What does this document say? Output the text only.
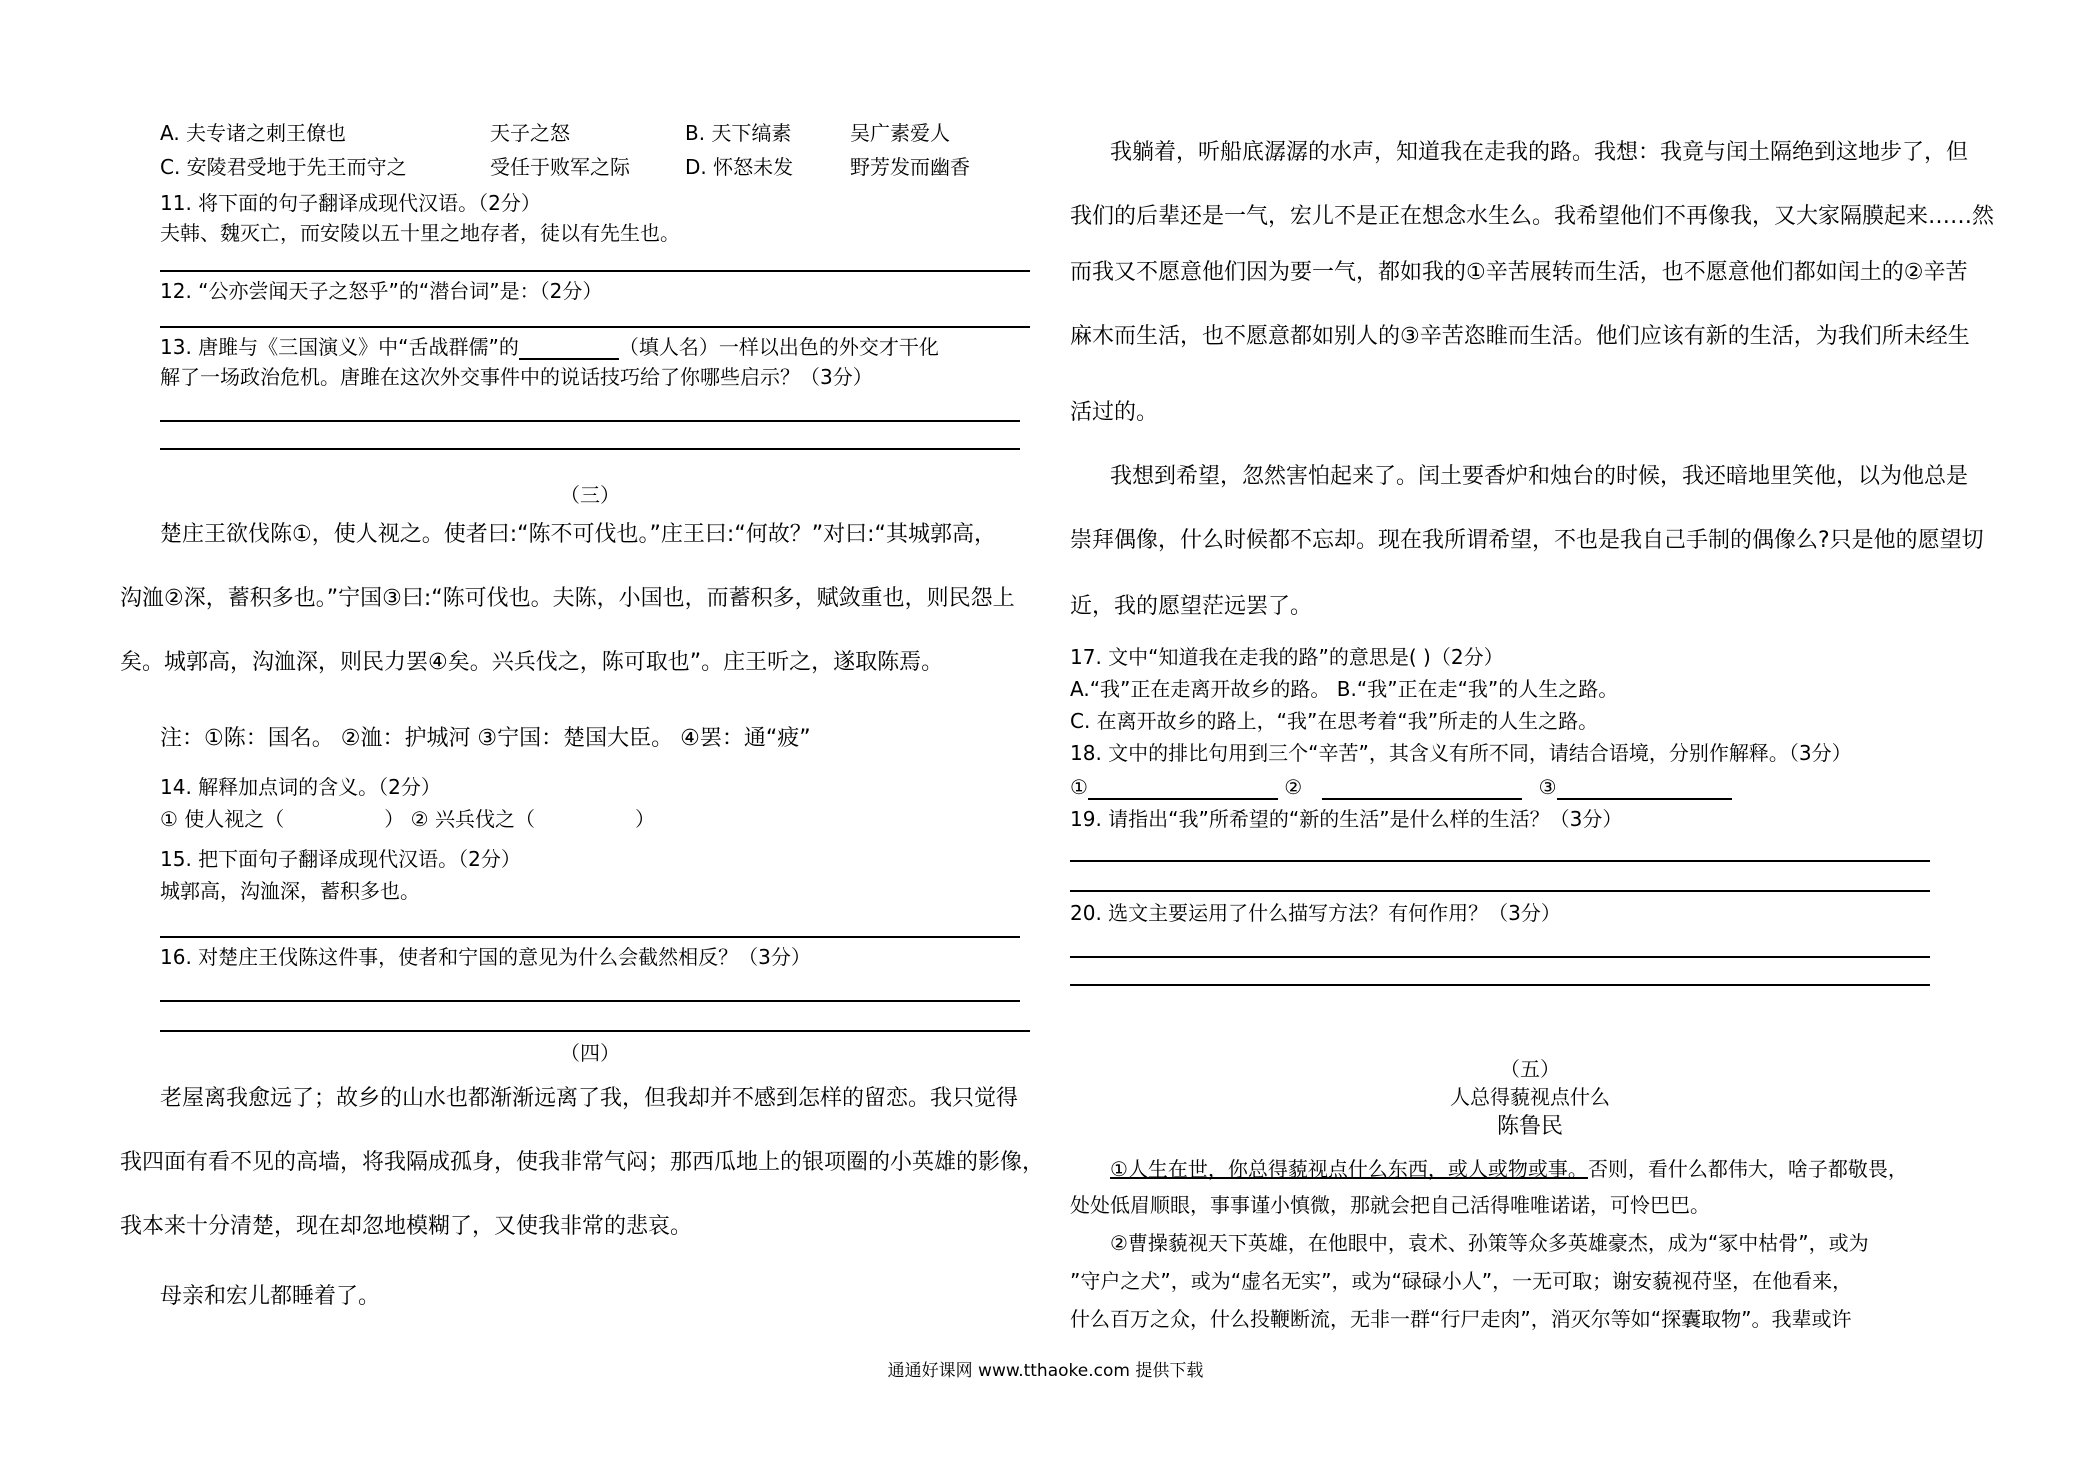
A. 夫专诸之刺王僚也	天子之怒	B. 天下缟素	吴广素爱人
C. 安陵君受地于先王而守之	受任于败军之际	D. 怀怒未发	野芳发而幽香
11. 将下面的句子翻译成现代汉语。（2分）
夫韩、魏灭亡，而安陵以五十里之地存者，徒以有先生也。
12. “公亦尝闻天子之怒乎”的“潜台词”是：（2分）
13. 唐雎与《三国演义》中“舌战群儒”的	（填人名）一样以出色的外交才干化
解了一场政治危机。唐雎在这次外交事件中的说话技巧给了你哪些启示？（3分）
（三）
楚庄王欲伐陈①，使人视之。使者曰:“陈不可伐也。”庄王曰:“何故？”对曰:“其城郭高，
沟洫②深，蓄积多也。”宁国③曰:“陈可伐也。夫陈，小国也，而蓄积多，赋敛重也，则民怨上
矣。城郭高，沟洫深，则民力罢④矣。兴兵伐之，陈可取也”。庄王听之，遂取陈焉。
注：①陈：国名。 ②洫：护城河 ③宁国：楚国大臣。 ④罢：通“疲”
14. 解释加点词的含义。（2分）
① 使人视之（	） ② 兴兵伐之（	）
15. 把下面句子翻译成现代汉语。（2分）
城郭高，沟洫深，蓄积多也。
16. 对楚庄王伐陈这件事，使者和宁国的意见为什么会截然相反？（3分）
（四）
老屋离我愈远了；故乡的山水也都渐渐远离了我，但我却并不感到怎样的留恋。我只觉得
我四面有看不见的高墙，将我隔成孤身，使我非常气闷；那西瓜地上的银项圈的小英雄的影像，
我本来十分清楚，现在却忽地模糊了，又使我非常的悲哀。
母亲和宏儿都睡着了。
我躺着，听船底潺潺的水声，知道我在走我的路。我想：我竟与闰土隔绝到这地步了，但
我们的后辈还是一气，宏儿不是正在想念水生么。我希望他们不再像我，又大家隔膜起来……然
而我又不愿意他们因为要一气，都如我的①辛苦展转而生活，也不愿意他们都如闰土的②辛苦
麻木而生活，也不愿意都如别人的③辛苦恣睢而生活。他们应该有新的生活，为我们所未经生
活过的。
我想到希望，忽然害怕起来了。闰土要香炉和烛台的时候，我还暗地里笑他，以为他总是
崇拜偶像，什么时候都不忘却。现在我所谓希望，不也是我自己手制的偶像么?只是他的愿望切
近，我的愿望茫远罢了。
17. 文中“知道我在走我的路”的意思是( )（2分）
A.“我”正在走离开故乡的路。 B.“我”正在走“我”的人生之路。
C. 在离开故乡的路上，“我”在思考着“我”所走的人生之路。
18. 文中的排比句用到三个“辛苦”，其含义有所不同，请结合语境，分别作解释。（3分）
①	②	③
19. 请指出“我”所希望的“新的生活”是什么样的生活？（3分）
20. 选文主要运用了什么描写方法？有何作用？（3分）
（五）
人总得藐视点什么
陈鲁民
①人生在世，你总得藐视点什么东西，或人或物或事。否则，看什么都伟大，啥子都敬畏，
处处低眉顺眼，事事谨小慎微，那就会把自己活得唯唯诺诺，可怜巴巴。
②曹操藐视天下英雄，在他眼中，袁术、孙策等众多英雄豪杰，成为“冢中枯骨”，或为
”守户之犬”，或为“虚名无实”，或为“碌碌小人”，一无可取；谢安藐视苻坚，在他看来，
什么百万之众，什么投鞭断流，无非一群“行尸走肉”，消灭尔等如“探囊取物”。我辈或许
通通好课网 www.tthaoke.com 提供下载
